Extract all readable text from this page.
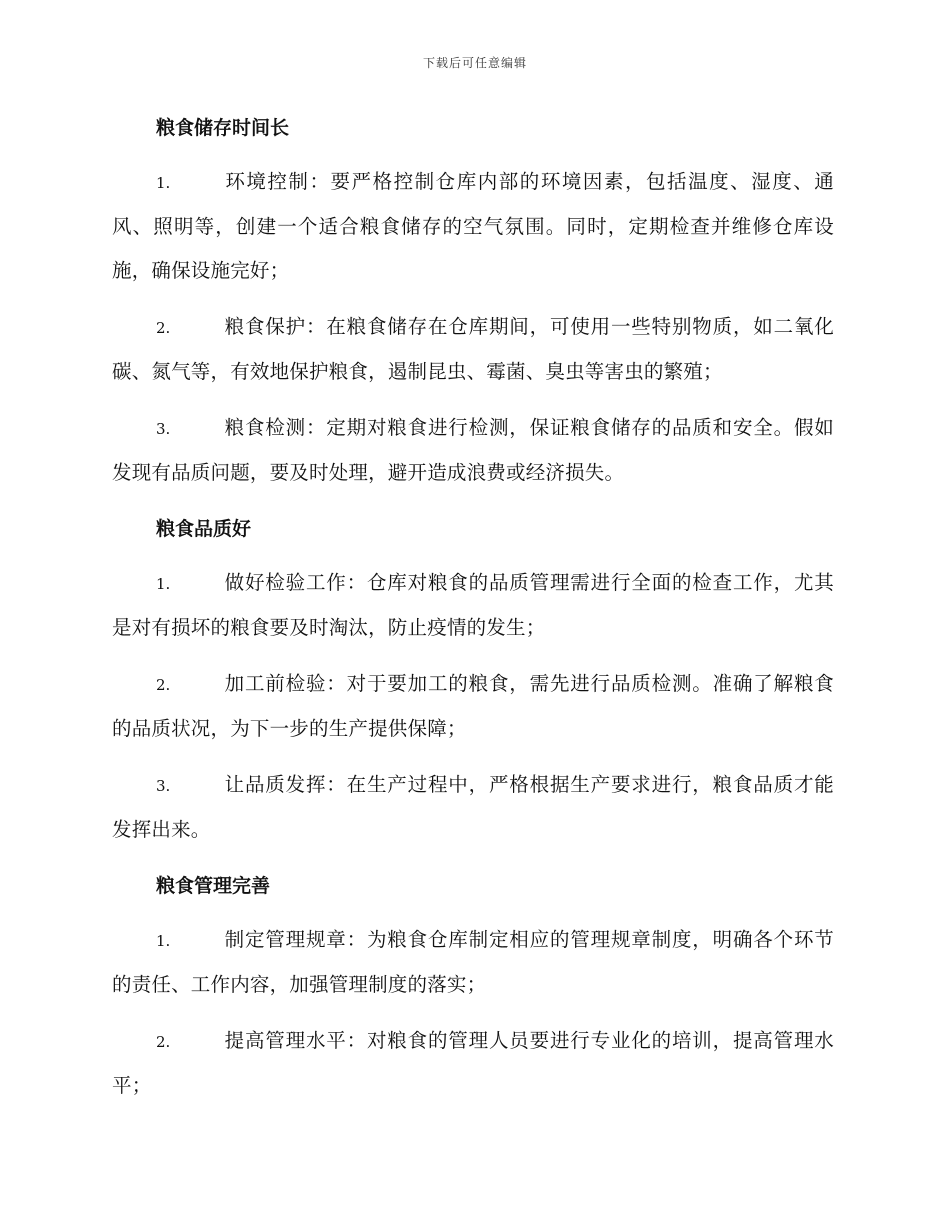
下载后可任意编辑
粮食储存时间长

1.	环境控制：要严格控制仓库内部的环境因素，包括温度、湿度、通风、照明等，创建一个适合粮食储存的空气氛围。同时，定期检查并维修仓库设施，确保设施完好；

2.	粮食保护：在粮食储存在仓库期间，可使用一些特别物质，如二氧化碳、氮气等，有效地保护粮食，遏制昆虫、霉菌、臭虫等害虫的繁殖；

3.	粮食检测：定期对粮食进行检测，保证粮食储存的品质和安全。假如发现有品质问题，要及时处理，避开造成浪费或经济损失。

粮食品质好

1.	做好检验工作：仓库对粮食的品质管理需进行全面的检查工作，尤其是对有损坏的粮食要及时淘汰，防止疫情的发生；

2.	加工前检验：对于要加工的粮食，需先进行品质检测。准确了解粮食的品质状况，为下一步的生产提供保障；

3.	让品质发挥：在生产过程中，严格根据生产要求进行，粮食品质才能发挥出来。

粮食管理完善

1.	制定管理规章：为粮食仓库制定相应的管理规章制度，明确各个环节的责任、工作内容，加强管理制度的落实；

2.	提高管理水平：对粮食的管理人员要进行专业化的培训，提高管理水平；
